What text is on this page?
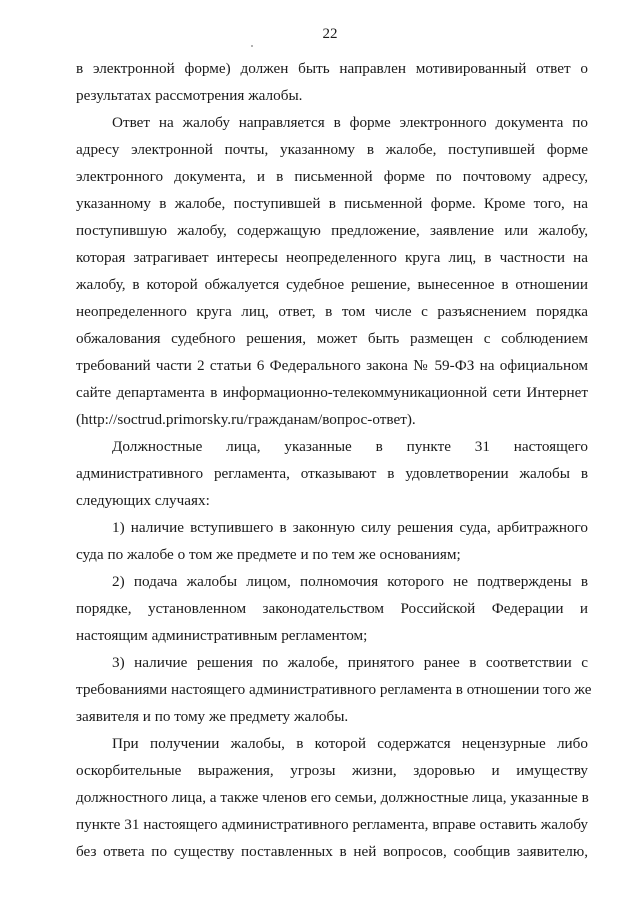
22
в электронной форме) должен быть направлен мотивированный ответ о
результатах рассмотрения жалобы.
Ответ на жалобу направляется в форме электронного документа по
адресу электронной почты, указанному в жалобе, поступившей форме
электронного документа, и в письменной форме по почтовому адресу,
указанному в жалобе, поступившей в письменной форме. Кроме того, на
поступившую жалобу, содержащую предложение, заявление или жалобу,
которая затрагивает интересы неопределенного круга лиц, в частности на
жалобу, в которой обжалуется судебное решение, вынесенное в отношении
неопределенного круга лиц, ответ, в том числе с разъяснением порядка
обжалования судебного решения, может быть размещен с соблюдением
требований части 2 статьи 6 Федерального закона № 59-ФЗ на официальном
сайте департамента в информационно-телекоммуникационной сети Интернет
(http://soctrud.primorsky.ru/гражданам/вопрос-ответ).
Должностные лица, указанные в пункте 31 настоящего
административного регламента, отказывают в удовлетворении жалобы в
следующих случаях:
1) наличие вступившего в законную силу решения суда, арбитражного
суда по жалобе о том же предмете и по тем же основаниям;
2) подача жалобы лицом, полномочия которого не подтверждены в
порядке, установленном законодательством Российской Федерации и
настоящим административным регламентом;
3) наличие решения по жалобе, принятого ранее в соответствии с
требованиями настоящего административного регламента в отношении того же
заявителя и по тому же предмету жалобы.
При получении жалобы, в которой содержатся нецензурные либо
оскорбительные выражения, угрозы жизни, здоровью и имуществу
должностного лица, а также членов его семьи, должностные лица, указанные в
пункте 31 настоящего административного регламента, вправе оставить жалобу
без ответа по существу поставленных в ней вопросов, сообщив заявителю,
